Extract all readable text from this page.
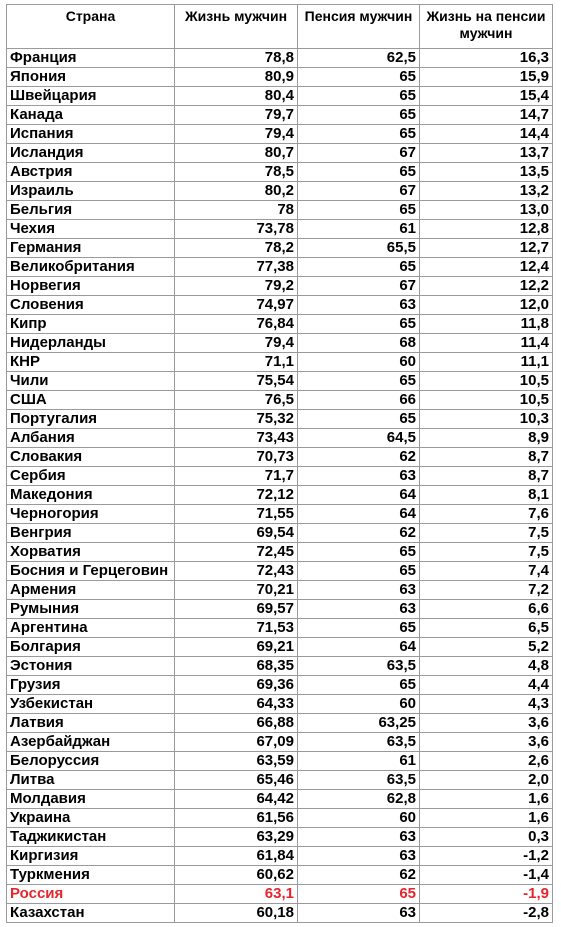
Страна	Жизнь мужчин	Пенсия мужчин	Жизнь на пенсии мужчин
Франция	78,8	62,5	16,3
Япония	80,9	65	15,9
Швейцария	80,4	65	15,4
Канада	79,7	65	14,7
Испания	79,4	65	14,4
Исландия	80,7	67	13,7
Австрия	78,5	65	13,5
Израиль	80,2	67	13,2
Бельгия	78	65	13,0
Чехия	73,78	61	12,8
Германия	78,2	65,5	12,7
Великобритания	77,38	65	12,4
Норвегия	79,2	67	12,2
Словения	74,97	63	12,0
Кипр	76,84	65	11,8
Нидерланды	79,4	68	11,4
КНР	71,1	60	11,1
Чили	75,54	65	10,5
США	76,5	66	10,5
Португалия	75,32	65	10,3
Албания	73,43	64,5	8,9
Словакия	70,73	62	8,7
Сербия	71,7	63	8,7
Македония	72,12	64	8,1
Черногория	71,55	64	7,6
Венгрия	69,54	62	7,5
Хорватия	72,45	65	7,5
Босния и Герцеговин	72,43	65	7,4
Армения	70,21	63	7,2
Румыния	69,57	63	6,6
Аргентина	71,53	65	6,5
Болгария	69,21	64	5,2
Эстония	68,35	63,5	4,8
Грузия	69,36	65	4,4
Узбекистан	64,33	60	4,3
Латвия	66,88	63,25	3,6
Азербайджан	67,09	63,5	3,6
Белоруссия	63,59	61	2,6
Литва	65,46	63,5	2,0
Молдавия	64,42	62,8	1,6
Украина	61,56	60	1,6
Таджикистан	63,29	63	0,3
Киргизия	61,84	63	-1,2
Туркмения	60,62	62	-1,4
Россия	63,1	65	-1,9
Казахстан	60,18	63	-2,8
